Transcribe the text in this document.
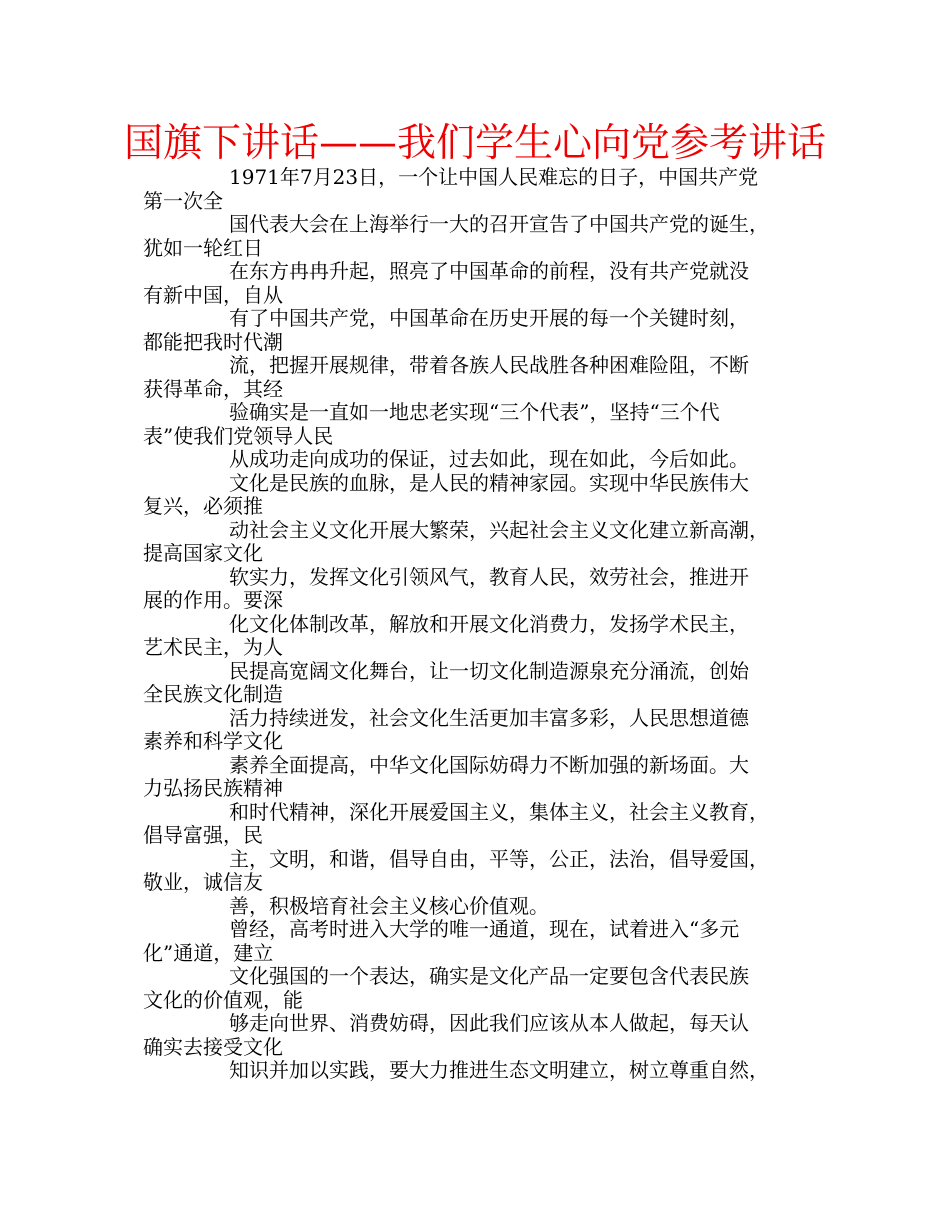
国旗下讲话——我们学生心向党参考讲话
1971年7月23日，一个让中国人民难忘的日子，中国共产党
第一次全
国代表大会在上海举行一大的召开宣告了中国共产党的诞生，
犹如一轮红日
在东方冉冉升起，照亮了中国革命的前程，没有共产党就没
有新中国，自从
有了中国共产党，中国革命在历史开展的每一个关键时刻，
都能把我时代潮
流，把握开展规律，带着各族人民战胜各种困难险阻，不断
获得革命，其经
验确实是一直如一地忠老实现“三个代表”，坚持“三个代
表”使我们党领导人民
从成功走向成功的保证，过去如此，现在如此，今后如此。
文化是民族的血脉，是人民的精神家园。实现中华民族伟大
复兴，必须推
动社会主义文化开展大繁荣，兴起社会主义文化建立新高潮，
提高国家文化
软实力，发挥文化引领风气，教育人民，效劳社会，推进开
展的作用。要深
化文化体制改革，解放和开展文化消费力，发扬学术民主，
艺术民主，为人
民提高宽阔文化舞台，让一切文化制造源泉充分涌流，创始
全民族文化制造
活力持续迸发，社会文化生活更加丰富多彩，人民思想道德
素养和科学文化
素养全面提高，中华文化国际妨碍力不断加强的新场面。大
力弘扬民族精神
和时代精神，深化开展爱国主义，集体主义，社会主义教育，
倡导富强，民
主，文明，和谐，倡导自由，平等，公正，法治，倡导爱国，
敬业，诚信友
善，积极培育社会主义核心价值观。
曾经，高考时进入大学的唯一通道，现在，试着进入“多元
化”通道，建立
文化强国的一个表达，确实是文化产品一定要包含代表民族
文化的价值观，能
够走向世界、消费妨碍，因此我们应该从本人做起，每天认
确实去接受文化
知识并加以实践，要大力推进生态文明建立，树立尊重自然，
